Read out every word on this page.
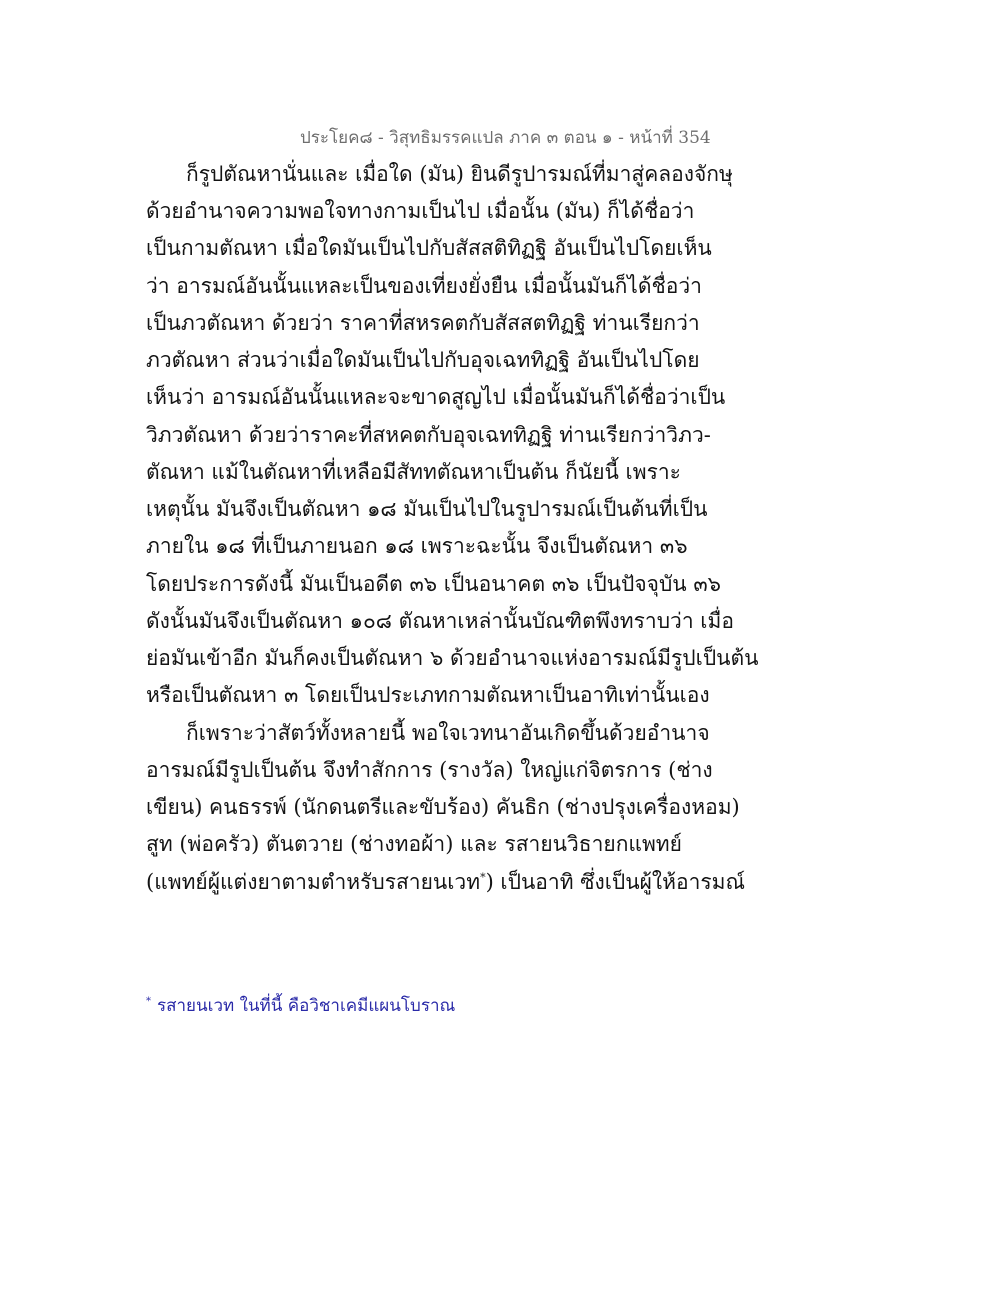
ประโยค๘ - วิสุทธิมรรคแปล ภาค ๓ ตอน ๑ - หน้าที่ 354
ก็รูปตัณหานั่นและ เมื่อใด (มัน) ยินดีรูปารมณ์ที่มาสู่คลองจักษุ
ด้วยอำนาจความพอใจทางกามเป็นไป เมื่อนั้น (มัน) ก็ได้ชื่อว่า
เป็นกามตัณหา เมื่อใดมันเป็นไปกับสัสสติทิฏฐิ อันเป็นไปโดยเห็น
ว่า อารมณ์อันนั้นแหละเป็นของเที่ยงยั่งยืน เมื่อนั้นมันก็ได้ชื่อว่า
เป็นภวตัณหา ด้วยว่า ราคาที่สหรคตกับสัสสตทิฏฐิ ท่านเรียกว่า
ภวตัณหา ส่วนว่าเมื่อใดมันเป็นไปกับอุจเฉททิฏฐิ อันเป็นไปโดย
เห็นว่า อารมณ์อันนั้นแหละจะขาดสูญไป เมื่อนั้นมันก็ได้ชื่อว่าเป็น
วิภวตัณหา ด้วยว่าราคะที่สหคตกับอุจเฉททิฏฐิ ท่านเรียกว่าวิภว-
ตัณหา แม้ในตัณหาที่เหลือมีสัททตัณหาเป็นต้น ก็นัยนี้ เพราะ
เหตุนั้น มันจึงเป็นตัณหา ๑๘ มันเป็นไปในรูปารมณ์เป็นต้นที่เป็น
ภายใน ๑๘ ที่เป็นภายนอก ๑๘ เพราะฉะนั้น จึงเป็นตัณหา ๓๖
โดยประการดังนี้ มันเป็นอดีต ๓๖ เป็นอนาคต ๓๖ เป็นปัจจุบัน ๓๖
ดังนั้นมันจึงเป็นตัณหา ๑๐๘ ตัณหาเหล่านั้นบัณฑิตพึงทราบว่า เมื่อ
ย่อมันเข้าอีก มันก็คงเป็นตัณหา ๖ ด้วยอำนาจแห่งอารมณ์มีรูปเป็นต้น
หรือเป็นตัณหา ๓ โดยเป็นประเภทกามตัณหาเป็นอาทิเท่านั้นเอง
ก็เพราะว่าสัตว์ทั้งหลายนี้ พอใจเวทนาอันเกิดขึ้นด้วยอำนาจ
อารมณ์มีรูปเป็นต้น จึงทำสักการ (รางวัล) ใหญ่แก่จิตรการ (ช่าง
เขียน) คนธรรพ์ (นักดนตรีและขับร้อง) คันธิก (ช่างปรุงเครื่องหอม)
สูท (พ่อครัว) ตันตวาย (ช่างทอผ้า) และ รสายนวิธายกแพทย์
(แพทย์ผู้แต่งยาตามตำหรับรสายนเวท*) เป็นอาทิ ซึ่งเป็นผู้ให้อารมณ์
* รสายนเวท ในที่นี้ คือวิชาเคมีแผนโบราณ
